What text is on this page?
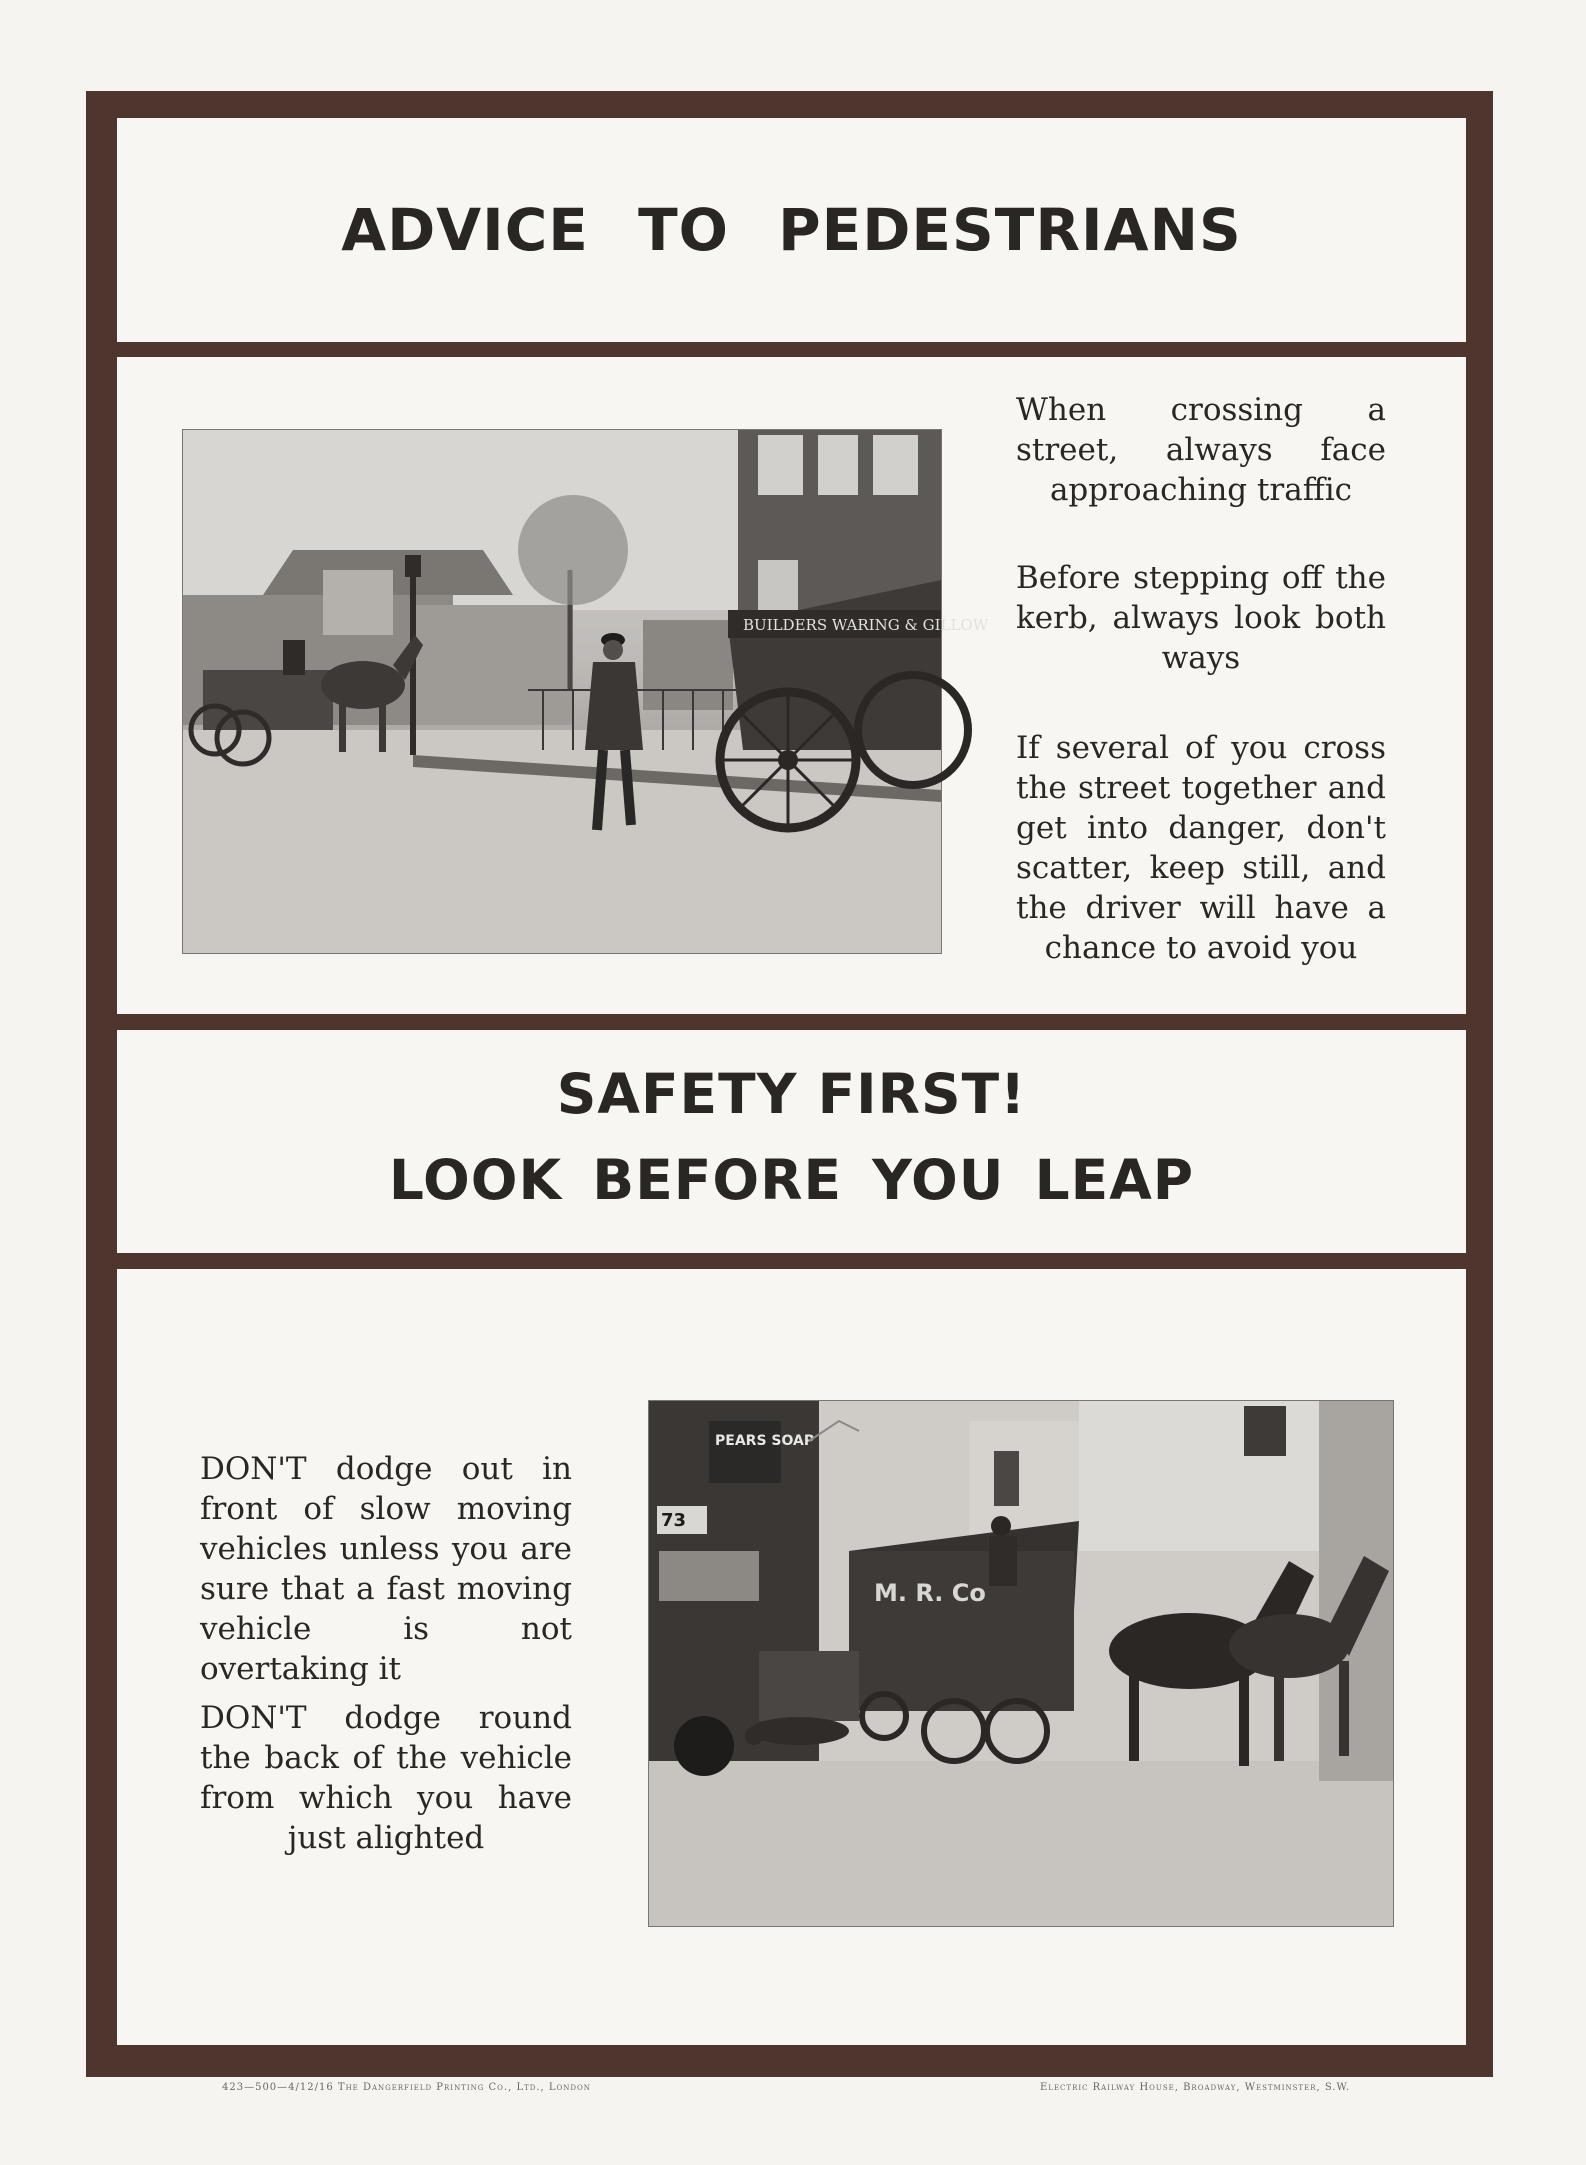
ADVICE TO PEDESTRIANS
BUILDERS WARING & GILLOW

When crossing a street, always face approaching traffic

Before stepping off the kerb, always look both ways

If several of you cross the street together and get into danger, don't scatter, keep still, and the driver will have a chance to avoid you

SAFETY FIRST!
LOOK BEFORE YOU LEAP

DON'T dodge out in front of slow moving vehicles unless you are sure that a fast moving vehicle is not overtaking it

DON'T dodge round the back of the vehicle from which you have just alighted

PEARS SOAP
73
M. R. Co

423—500—4/12/16 The Dangerfield Printing Co., Ltd., London	Electric Railway House, Broadway, Westminster, S.W.
